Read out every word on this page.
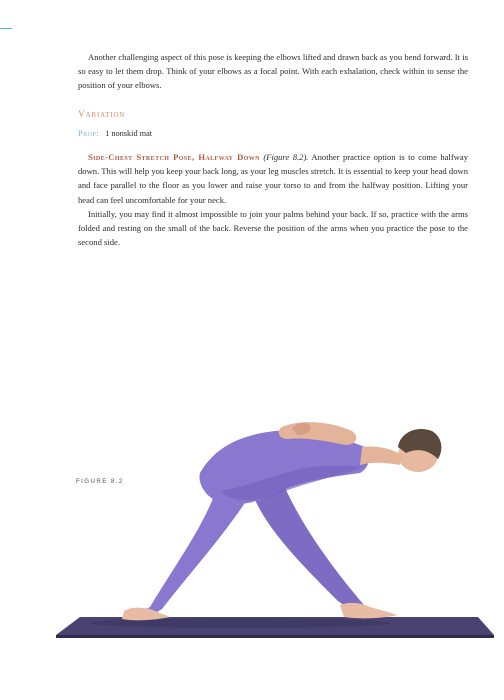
Another challenging aspect of this pose is keeping the elbows lifted and drawn back as you bend forward. It is so easy to let them drop. Think of your elbows as a focal point. With each exhalation, check within to sense the position of your elbows.

Variation
Prop: 1 nonskid mat

Side-Chest Stretch Pose, Halfway Down (Figure 8.2). Another practice option is to come halfway down. This will help you keep your back long, as your leg muscles stretch. It is essential to keep your head down and face parallel to the floor as you lower and raise your torso to and from the halfway position. Lifting your head can feel uncomfortable for your neck.

Initially, you may find it almost impossible to join your palms behind your back. If so, practice with the arms folded and resting on the small of the back. Reverse the position of the arms when you practice the pose to the second side.

FIGURE 8.2
